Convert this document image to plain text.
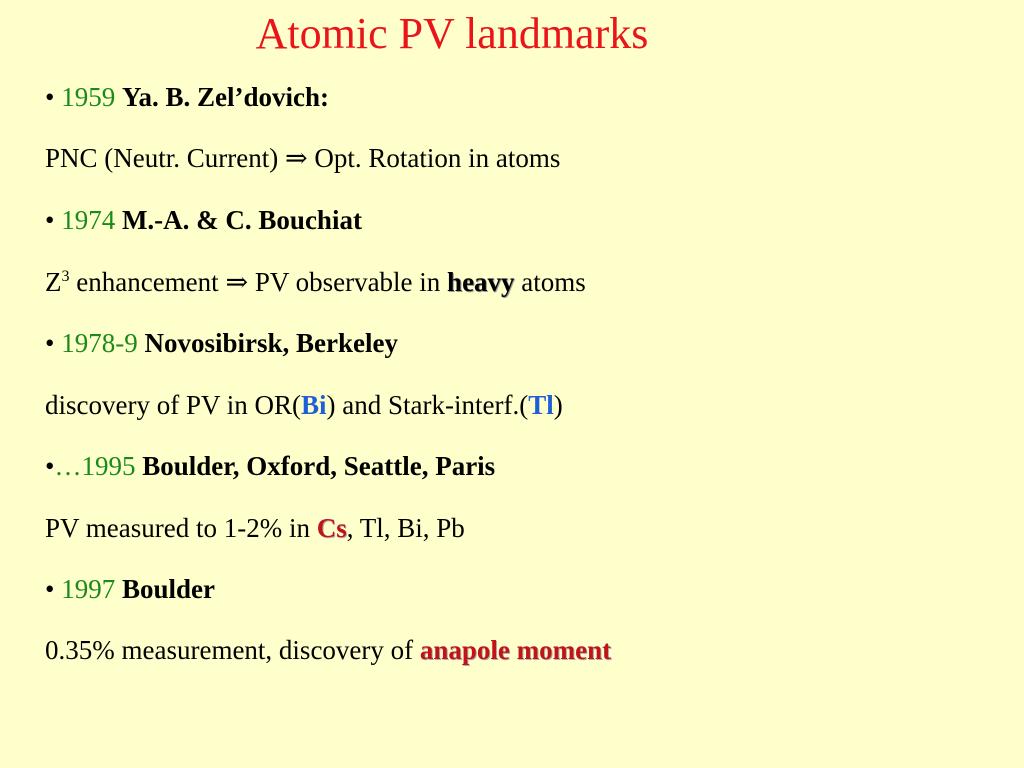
Atomic PV landmarks
• 1959 Ya. B. Zel’dovich:
PNC (Neutr. Current) ⇒ Opt. Rotation in atoms
• 1974 M.-A. & C. Bouchiat
$Z^3$ enhancement ⇒ PV observable in heavy atoms
• 1978-9 Novosibirsk, Berkeley
discovery of PV in OR(Bi) and Stark-interf.(Tl)
•…1995 Boulder, Oxford, Seattle, Paris
PV measured to 1-2% in Cs, Tl, Bi, Pb
• 1997 Boulder
0.35% measurement, discovery of anapole moment
